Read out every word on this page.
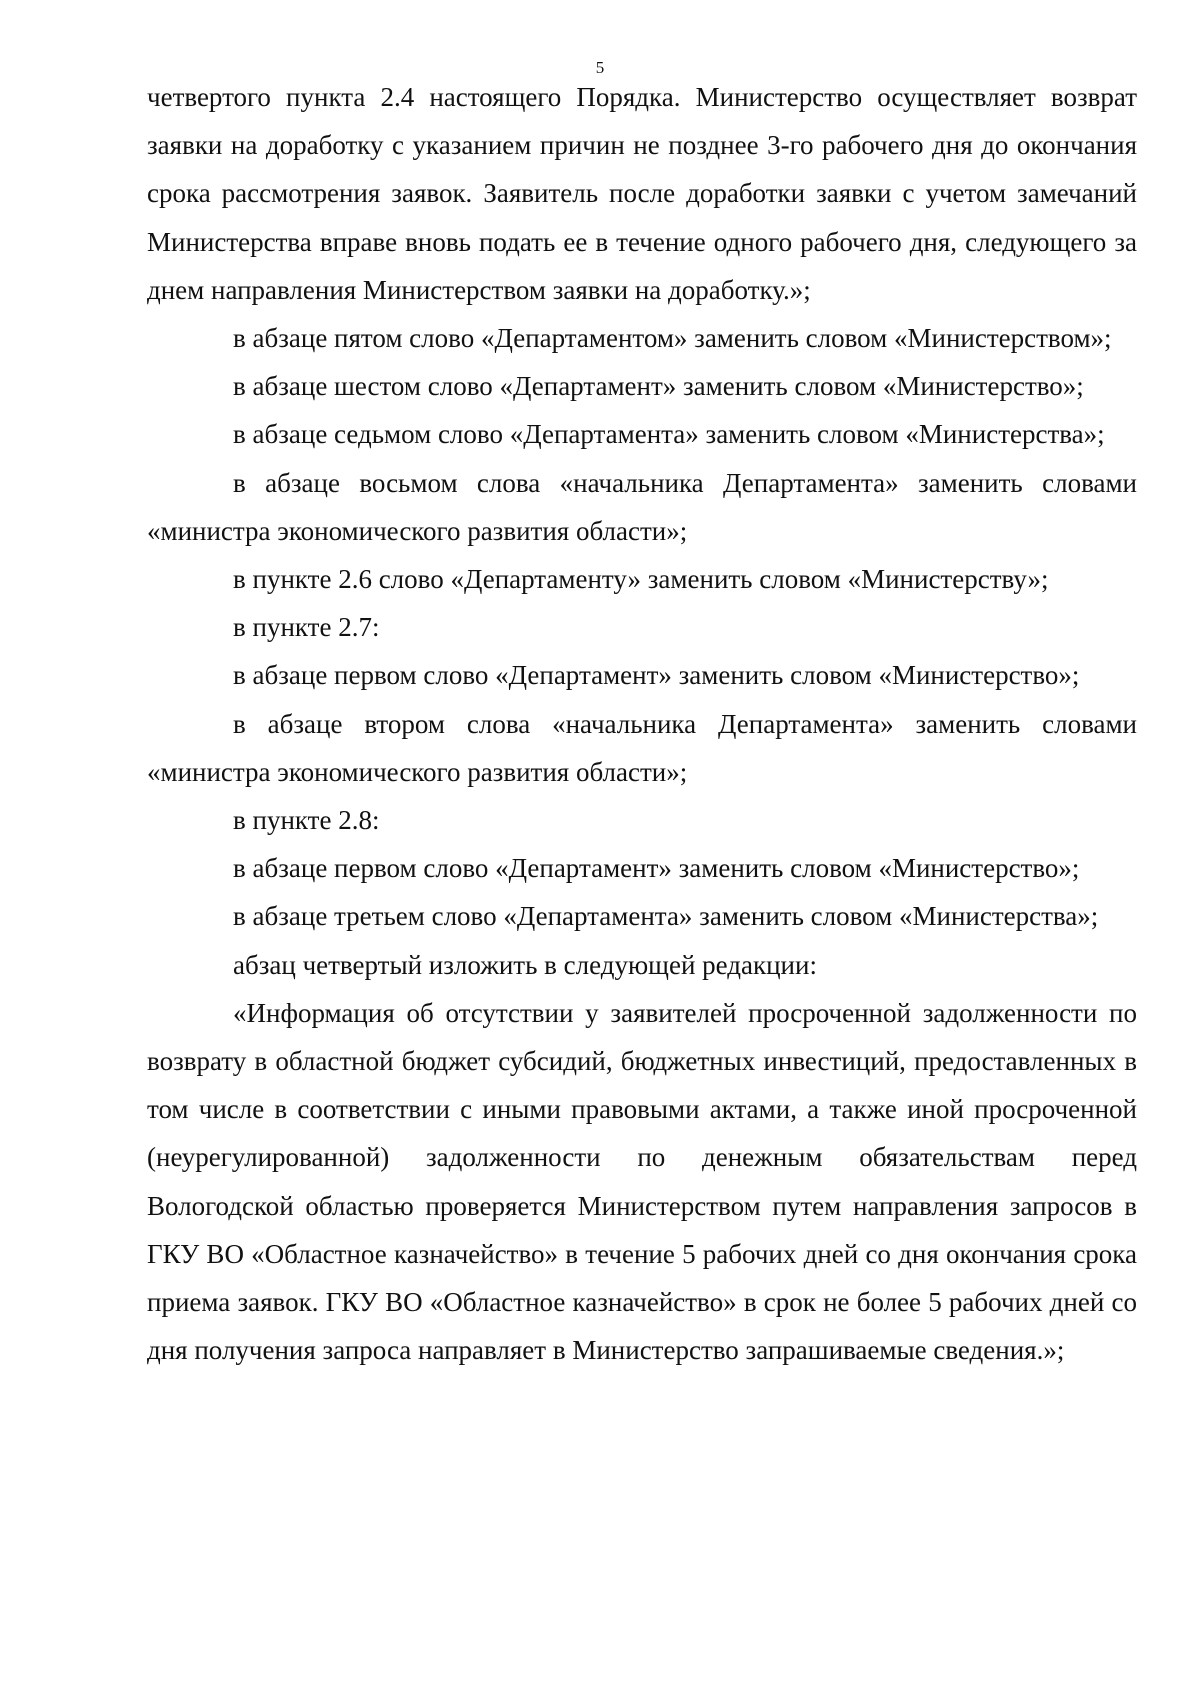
5

четвертого пункта 2.4 настоящего Порядка. Министерство осуществляет возврат заявки на доработку с указанием причин не позднее 3-го рабочего дня до окончания срока рассмотрения заявок. Заявитель после доработки заявки с учетом замечаний Министерства вправе вновь подать ее в течение одного рабочего дня, следующего за днем направления Министерством заявки на доработку.»;

в абзаце пятом слово «Департаментом» заменить словом «Министерством»;

в абзаце шестом слово «Департамент» заменить словом «Министерство»;

в абзаце седьмом слово «Департамента» заменить словом «Министерства»;

в абзаце восьмом слова «начальника Департамента» заменить словами «министра экономического развития области»;

в пункте 2.6 слово «Департаменту» заменить словом «Министерству»;

в пункте 2.7:

в абзаце первом слово «Департамент» заменить словом «Министерство»;

в абзаце втором слова «начальника Департамента» заменить словами «министра экономического развития области»;

в пункте 2.8:

в абзаце первом слово «Департамент» заменить словом «Министерство»;

в абзаце третьем слово «Департамента» заменить словом «Министерства»;

абзац четвертый изложить в следующей редакции:

«Информация об отсутствии у заявителей просроченной задолженности по возврату в областной бюджет субсидий, бюджетных инвестиций, предоставленных в том числе в соответствии с иными правовыми актами, а также иной просроченной (неурегулированной) задолженности по денежным обязательствам перед Вологодской областью проверяется Министерством путем направления запросов в ГКУ ВО «Областное казначейство» в течение 5 рабочих дней со дня окончания срока приема заявок. ГКУ ВО «Областное казначейство» в срок не более 5 рабочих дней со дня получения запроса направляет в Министерство запрашиваемые сведения.»;
